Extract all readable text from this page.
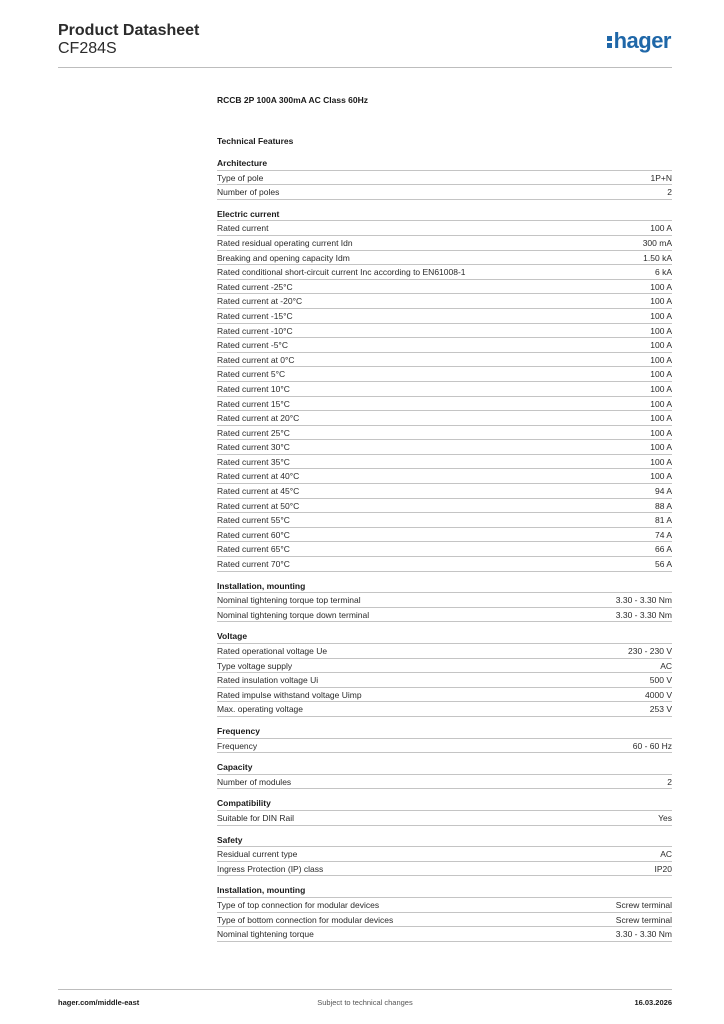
Product Datasheet
CF284S	hager
RCCB 2P 100A 300mA AC Class 60Hz
Technical Features
Architecture
Type of pole	1P+N
Number of poles	2
Electric current
Rated current	100 A
Rated residual operating current Idn	300 mA
Breaking and opening capacity Idm	1.50 kA
Rated conditional short-circuit current Inc according to EN61008-1	6 kA
Rated current -25°C	100 A
Rated current at -20°C	100 A
Rated current -15°C	100 A
Rated current -10°C	100 A
Rated current -5°C	100 A
Rated current at 0°C	100 A
Rated current 5°C	100 A
Rated current 10°C	100 A
Rated current 15°C	100 A
Rated current at 20°C	100 A
Rated current 25°C	100 A
Rated current 30°C	100 A
Rated current 35°C	100 A
Rated current at 40°C	100 A
Rated current at 45°C	94 A
Rated current at 50°C	88 A
Rated current 55°C	81 A
Rated current 60°C	74 A
Rated current 65°C	66 A
Rated current 70°C	56 A
Installation, mounting
Nominal tightening torque top terminal	3.30 - 3.30 Nm
Nominal tightening torque down terminal	3.30 - 3.30 Nm
Voltage
Rated operational voltage Ue	230 - 230 V
Type voltage supply	AC
Rated insulation voltage Ui	500 V
Rated impulse withstand voltage Uimp	4000 V
Max. operating voltage	253 V
Frequency
Frequency	60 - 60 Hz
Capacity
Number of modules	2
Compatibility
Suitable for DIN Rail	Yes
Safety
Residual current type	AC
Ingress Protection (IP) class	IP20
Installation, mounting
Type of top connection for modular devices	Screw terminal
Type of bottom connection for modular devices	Screw terminal
Nominal tightening torque	3.30 - 3.30 Nm
hager.com/middle-east	Subject to technical changes	16.03.2026
